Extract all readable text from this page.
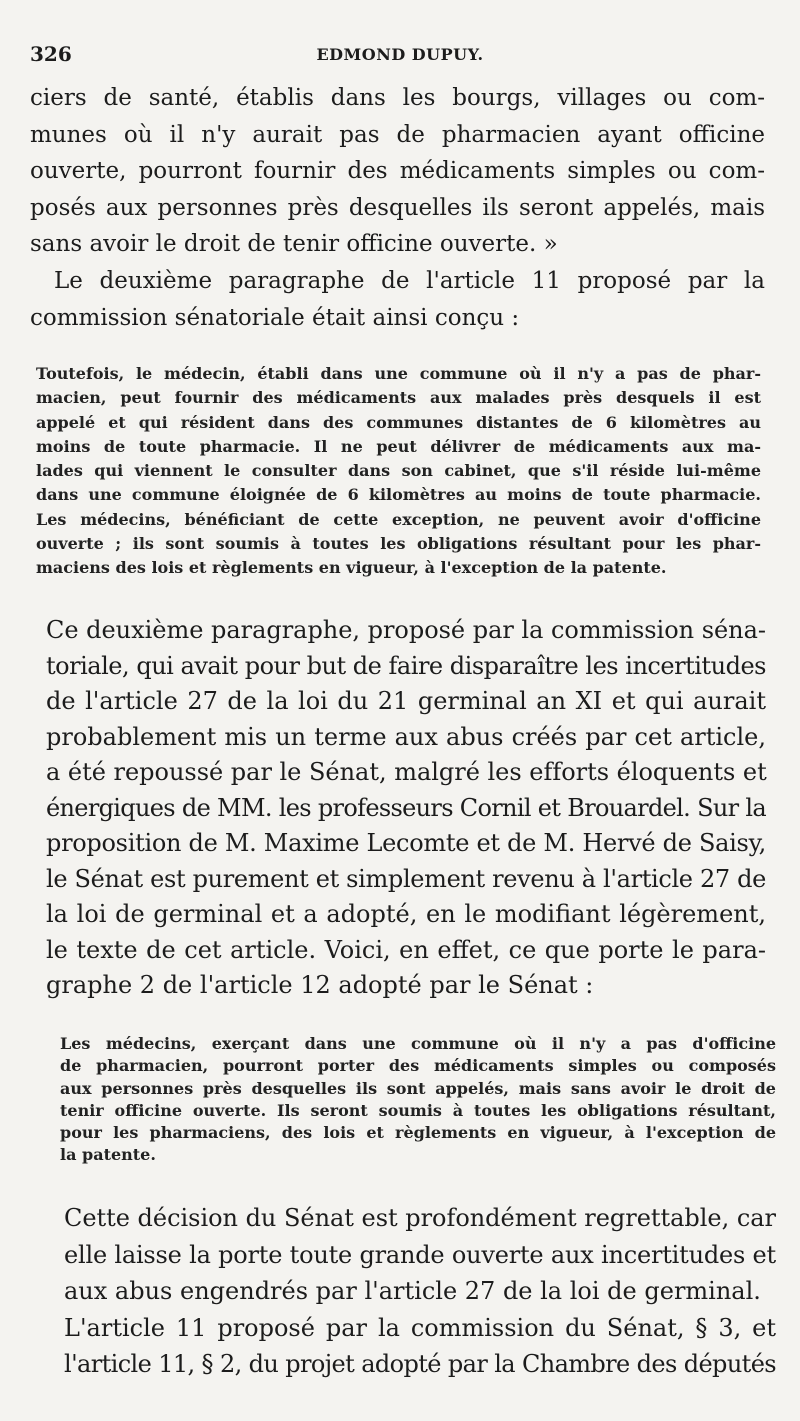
326	EDMOND DUPUY.
ciers de santé, établis dans les bourgs, villages ou com-
munes où il n'y aurait pas de pharmacien ayant officine
ouverte, pourront fournir des médicaments simples ou com-
posés aux personnes près desquelles ils seront appelés, mais
sans avoir le droit de tenir officine ouverte. »
Le deuxième paragraphe de l'article 11 proposé par la
commission sénatoriale était ainsi conçu :
Toutefois, le médecin, établi dans une commune où il n'y a pas de phar-
macien, peut fournir des médicaments aux malades près desquels il est
appelé et qui résident dans des communes distantes de 6 kilomètres au
moins de toute pharmacie. Il ne peut délivrer de médicaments aux ma-
lades qui viennent le consulter dans son cabinet, que s'il réside lui-même
dans une commune éloignée de 6 kilomètres au moins de toute pharmacie.
Les médecins, bénéficiant de cette exception, ne peuvent avoir d'officine
ouverte ; ils sont soumis à toutes les obligations résultant pour les phar-
maciens des lois et règlements en vigueur, à l'exception de la patente.
Ce deuxième paragraphe, proposé par la commission séna-
toriale, qui avait pour but de faire disparaître les incertitudes
de l'article 27 de la loi du 21 germinal an XI et qui aurait
probablement mis un terme aux abus créés par cet article,
a été repoussé par le Sénat, malgré les efforts éloquents et
énergiques de MM. les professeurs Cornil et Brouardel. Sur la
proposition de M. Maxime Lecomte et de M. Hervé de Saisy,
le Sénat est purement et simplement revenu à l'article 27 de
la loi de germinal et a adopté, en le modifiant légèrement,
le texte de cet article. Voici, en effet, ce que porte le para-
graphe 2 de l'article 12 adopté par le Sénat :
Les médecins, exerçant dans une commune où il n'y a pas d'officine
de pharmacien, pourront porter des médicaments simples ou composés
aux personnes près desquelles ils sont appelés, mais sans avoir le droit de
tenir officine ouverte. Ils seront soumis à toutes les obligations résultant,
pour les pharmaciens, des lois et règlements en vigueur, à l'exception de
la patente.
Cette décision du Sénat est profondément regrettable, car
elle laisse la porte toute grande ouverte aux incertitudes et
aux abus engendrés par l'article 27 de la loi de germinal.
L'article 11 proposé par la commission du Sénat, § 3, et
l'article 11, § 2, du projet adopté par la Chambre des députés
